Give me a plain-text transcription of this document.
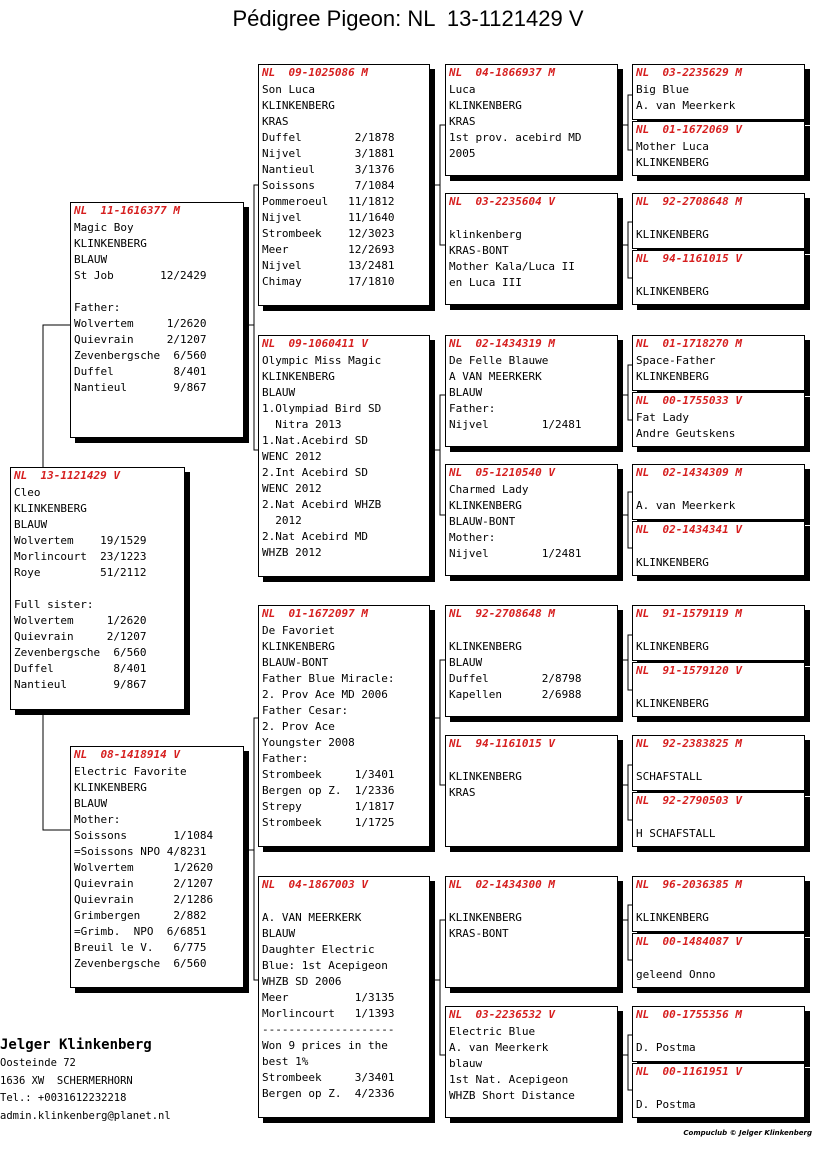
Pédigree Pigeon: NL  13-1121429 V
NL  13-1121429 V
Cleo
KLINKENBERG
BLAUW
Wolvertem    19/1529
Morlincourt  23/1223
Roye         51/2112
Full sister:
Wolvertem     1/2620
Quievrain     2/1207
Zevenbergsche  6/560
Duffel         8/401
Nantieul       9/867
NL  11-1616377 M
Magic Boy
KLINKENBERG
BLAUW
St Job       12/2429
Father:
Wolvertem     1/2620
Quievrain     2/1207
Zevenbergsche  6/560
Duffel         8/401
Nantieul       9/867
NL  08-1418914 V
Electric Favorite
KLINKENBERG
BLAUW
Mother:
Soissons       1/1084
=Soissons NPO 4/8231
Wolvertem      1/2620
Quievrain      2/1207
Quievrain      2/1286
Grimbergen     2/882
=Grimb.  NPO  6/6851
Breuil le V.   6/775
Zevenbergsche  6/560
NL  09-1025086 M
Son Luca
KLINKENBERG
KRAS
Duffel        2/1878
Nijvel        3/1881
Nantieul      3/1376
Soissons      7/1084
Pommeroeul   11/1812
Nijvel       11/1640
Strombeek    12/3023
Meer         12/2693
Nijvel       13/2481
Chimay       17/1810
NL  09-1060411 V
Olympic Miss Magic
KLINKENBERG
BLAUW
1.Olympiad Bird SD
Nitra 2013
1.Nat.Acebird SD
WENC 2012
2.Int Acebird SD
WENC 2012
2.Nat Acebird WHZB
2012
2.Nat Acebird MD
WHZB 2012
NL  01-1672097 M
De Favoriet
KLINKENBERG
BLAUW-BONT
Father Blue Miracle:
2. Prov Ace MD 2006
Father Cesar:
2. Prov Ace
Youngster 2008
Father:
Strombeek     1/3401
Bergen op Z.  1/2336
Strepy        1/1817
Strombeek     1/1725
NL  04-1867003 V
A. VAN MEERKERK
BLAUW
Daughter Electric
Blue: 1st Acepigeon
WHZB SD 2006
Meer          1/3135
Morlincourt   1/1393
--------------------
Won 9 prices in the
best 1%
Strombeek     3/3401
Bergen op Z.  4/2336
NL  04-1866937 M
Luca
KLINKENBERG
KRAS
1st prov. acebird MD
2005
NL  03-2235604 V
klinkenberg
KRAS-BONT
Mother Kala/Luca II
en Luca III
NL  02-1434319 M
De Felle Blauwe
A VAN MEERKERK
BLAUW
Father:
Nijvel        1/2481
NL  05-1210540 V
Charmed Lady
KLINKENBERG
BLAUW-BONT
Mother:
Nijvel        1/2481
NL  92-2708648 M
KLINKENBERG
BLAUW
Duffel        2/8798
Kapellen      2/6988
NL  94-1161015 V
KLINKENBERG
KRAS
NL  02-1434300 M
KLINKENBERG
KRAS-BONT
NL  03-2236532 V
Electric Blue
A. van Meerkerk
blauw
1st Nat. Acepigeon
WHZB Short Distance
NL  03-2235629 M
Big Blue
A. van Meerkerk
NL  01-1672069 V
Mother Luca
KLINKENBERG
NL  92-2708648 M
KLINKENBERG
NL  94-1161015 V
KLINKENBERG
NL  01-1718270 M
Space-Father
KLINKENBERG
NL  00-1755033 V
Fat Lady
Andre Geutskens
NL  02-1434309 M
A. van Meerkerk
NL  02-1434341 V
KLINKENBERG
NL  91-1579119 M
KLINKENBERG
NL  91-1579120 V
KLINKENBERG
NL  92-2383825 M
SCHAFSTALL
NL  92-2790503 V
H SCHAFSTALL
NL  96-2036385 M
KLINKENBERG
NL  00-1484087 V
geleend Onno
NL  00-1755356 M
D. Postma
NL  00-1161951 V
D. Postma
Jelger Klinkenberg
Oosteinde 72
1636 XW  SCHERMERHORN
Tel.: +0031612232218
admin.klinkenberg@planet.nl
Compuclub © Jelger Klinkenberg
